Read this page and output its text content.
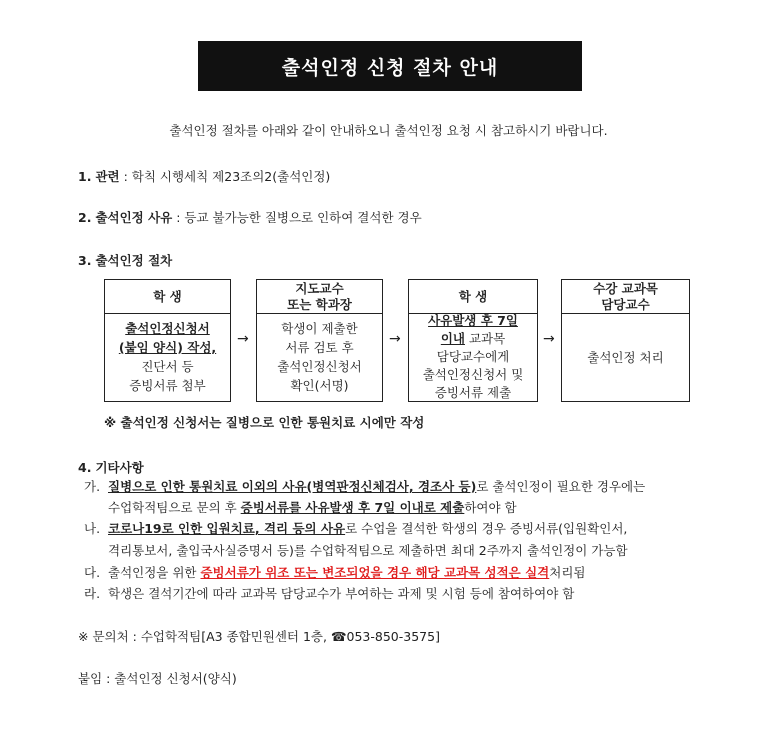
출석인정 신청 절차 안내
출석인정 절차를 아래와 같이 안내하오니 출석인정 요청 시 참고하시기 바랍니다.
1. 관련 : 학칙 시행세칙 제23조의2(출석인정)
2. 출석인정 사유 : 등교 불가능한 질병으로 인하여 결석한 경우
3. 출석인정 절차
학 생
출석인정신청서
(붙임 양식) 작성,
진단서 등
증빙서류 첨부
→
지도교수
또는 학과장
학생이 제출한
서류 검토 후
출석인정신청서
확인(서명)
→
학 생
사유발생 후 7일
이내 교과목
담당교수에게
출석인정신청서 및
증빙서류 제출
→
수강 교과목
담당교수
출석인정 처리
※ 출석인정 신청서는 질병으로 인한 통원치료 시에만 작성
4. 기타사항
가. 질병으로 인한 통원치료 이외의 사유(병역판정신체검사, 경조사 등)로 출석인정이 필요한 경우에는
수업학적팀으로 문의 후 증빙서류를 사유발생 후 7일 이내로 제출하여야 함
나. 코로나19로 인한 입원치료, 격리 등의 사유로 수업을 결석한 학생의 경우 증빙서류(입원확인서,
격리통보서, 출입국사실증명서 등)를 수업학적팀으로 제출하면 최대 2주까지 출석인정이 가능함
다. 출석인정을 위한 증빙서류가 위조 또는 변조되었을 경우 해당 교과목 성적은 실격처리됨
라. 학생은 결석기간에 따라 교과목 담당교수가 부여하는 과제 및 시험 등에 참여하여야 함
※ 문의처 : 수업학적팀[A3 종합민원센터 1층, ☎053-850-3575]
붙임 : 출석인정 신청서(양식)
